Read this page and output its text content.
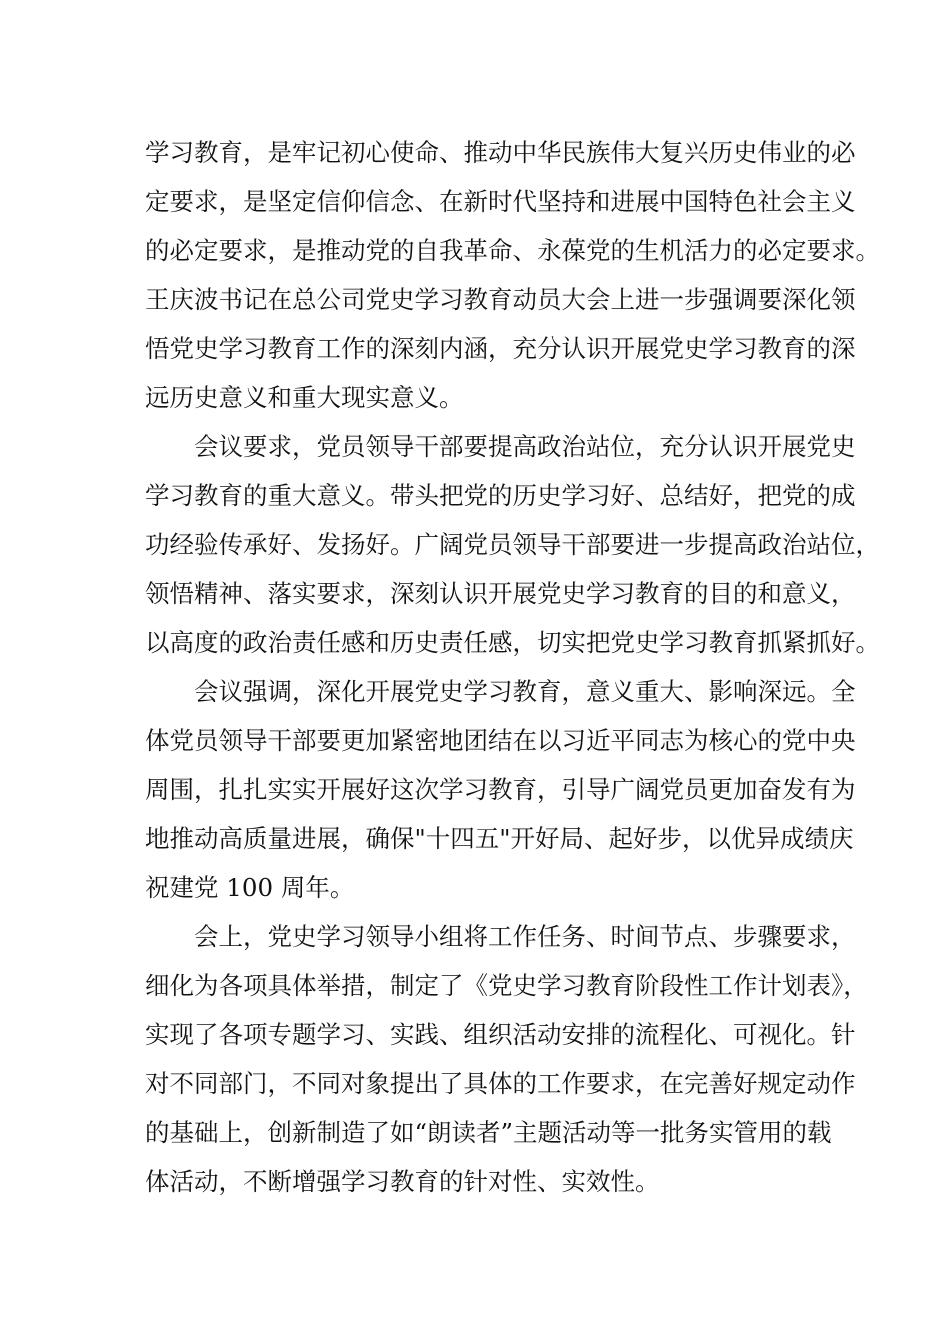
学习教育，是牢记初心使命、推动中华民族伟大复兴历史伟业的必
定要求，是坚定信仰信念、在新时代坚持和进展中国特色社会主义
的必定要求，是推动党的自我革命、永葆党的生机活力的必定要求。
王庆波书记在总公司党史学习教育动员大会上进一步强调要深化领
悟党史学习教育工作的深刻内涵，充分认识开展党史学习教育的深
远历史意义和重大现实意义。

会议要求，党员领导干部要提高政治站位，充分认识开展党史
学习教育的重大意义。带头把党的历史学习好、总结好，把党的成
功经验传承好、发扬好。广阔党员领导干部要进一步提高政治站位，
领悟精神、落实要求，深刻认识开展党史学习教育的目的和意义，
以高度的政治责任感和历史责任感，切实把党史学习教育抓紧抓好。

会议强调，深化开展党史学习教育，意义重大、影响深远。全
体党员领导干部要更加紧密地团结在以习近平同志为核心的党中央
周围，扎扎实实开展好这次学习教育，引导广阔党员更加奋发有为
地推动高质量进展，确保"十四五"开好局、起好步，以优异成绩庆
祝建党 100 周年。

会上，党史学习领导小组将工作任务、时间节点、步骤要求，
细化为各项具体举措，制定了《党史学习教育阶段性工作计划表》，
实现了各项专题学习、实践、组织活动安排的流程化、可视化。针
对不同部门，不同对象提出了具体的工作要求，在完善好规定动作
的基础上，创新制造了如“朗读者”主题活动等一批务实管用的载
体活动，不断增强学习教育的针对性、实效性。
